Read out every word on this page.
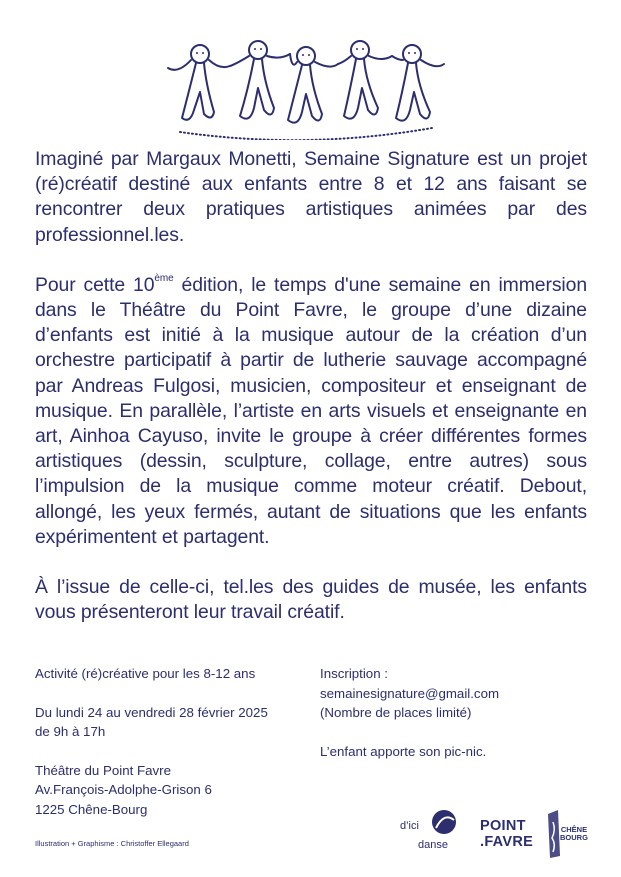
Imaginé par Margaux Monetti, Semaine Signature est un projet (ré)créatif destiné aux enfants entre 8 et 12 ans faisant se rencontrer deux pratiques artistiques animées par des professionnel.les.

Pour cette 10ème édition, le temps d'une semaine en immersion dans le Théâtre du Point Favre, le groupe d’une dizaine d’enfants est initié à la musique autour de la création d’un orchestre participatif à partir de lutherie sauvage accompagné par Andreas Fulgosi, musicien, compositeur et enseignant de musique. En parallèle, l’artiste en arts visuels et enseignante en art, Ainhoa Cayuso, invite le groupe à créer différentes formes artistiques (dessin, sculpture, collage, entre autres) sous l’impulsion de la musique comme moteur créatif. Debout, allongé, les yeux fermés, autant de situations que les enfants expérimentent et partagent.

À l’issue de celle-ci, tel.les des guides de musée, les enfants vous présenteront leur travail créatif.

Activité (ré)créative pour les 8-12 ans
Du lundi 24 au vendredi 28 février 2025
de 9h à 17h
Théâtre du Point Favre
Av.François-Adolphe-Grison 6
1225 Chêne-Bourg
Inscription :
semainesignature@gmail.com
(Nombre de places limité)
L’enfant apporte son pic-nic.
Illustration + Graphisme : Christoffer Ellegaard
d’ici
danse
POINT
.FAVRE
CHÊNE
BOURG
